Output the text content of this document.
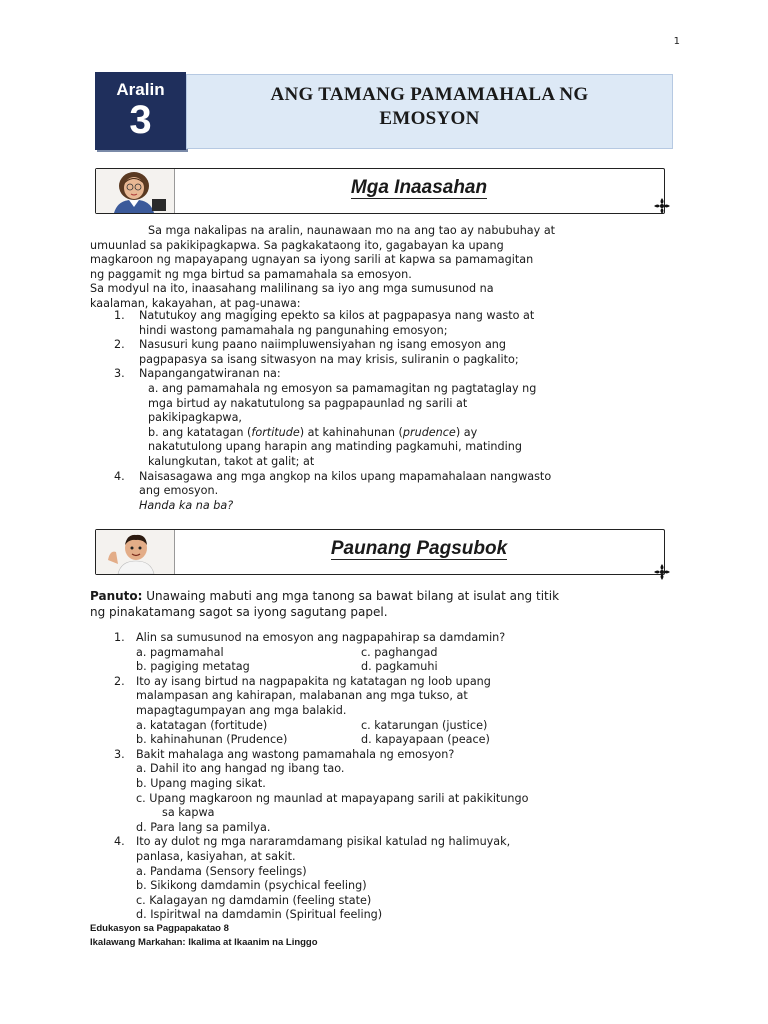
1
Aralin
3
ANG TAMANG PAMAMAHALA NG
EMOSYON
Mga Inaasahan
Sa mga nakalipas na aralin, naunawaan mo na ang tao ay nabubuhay at
umuunlad sa pakikipagkapwa. Sa pagkakataong ito, gagabayan ka upang
magkaroon ng mapayapang ugnayan sa iyong sarili at kapwa sa pamamagitan
ng paggamit ng mga birtud sa pamamahala sa emosyon.
Sa modyul na ito, inaasahang malilinang sa iyo ang mga sumusunod na
kaalaman, kakayahan, at pag-unawa:
1.	Natutukoy ang magiging epekto sa kilos at pagpapasya nang wasto at
hindi wastong pamamahala ng pangunahing emosyon;
2.	Nasusuri kung paano naiimpluwensiyahan ng isang emosyon ang
pagpapasya sa isang sitwasyon na may krisis, suliranin o pagkalito;
3.	Napangangatwiranan na:
a. ang pamamahala ng emosyon sa pamamagitan ng pagtataglay ng
mga birtud ay nakatutulong sa pagpapaunlad ng sarili at
pakikipagkapwa,
b. ang katatagan (fortitude) at kahinahunan (prudence) ay
nakatutulong upang harapin ang matinding pagkamuhi, matinding
kalungkutan, takot at galit; at
4.	Naisasagawa ang mga angkop na kilos upang mapamahalaan nangwasto
ang emosyon.
Handa ka na ba?
Paunang Pagsubok
Panuto: Unawaing mabuti ang mga tanong sa bawat bilang at isulat ang titik
ng pinakatamang sagot sa iyong sagutang papel.
1.	Alin sa sumusunod na emosyon ang nagpapahirap sa damdamin?
a. pagmamahal	c. paghangad
b. pagiging metatag	d. pagkamuhi
2.	Ito ay isang birtud na nagpapakita ng katatagan ng loob upang
malampasan ang kahirapan, malabanan ang mga tukso, at
mapagtagumpayan ang mga balakid.
a. katatagan (fortitude)	c. katarungan (justice)
b. kahinahunan (Prudence)	d. kapayapaan (peace)
3.	Bakit mahalaga ang wastong pamamahala ng emosyon?
a. Dahil ito ang hangad ng ibang tao.
b. Upang maging sikat.
c. Upang magkaroon ng maunlad at mapayapang sarili at pakikitungo
sa kapwa
d. Para lang sa pamilya.
4.	Ito ay dulot ng mga nararamdamang pisikal katulad ng halimuyak,
panlasa, kasiyahan, at sakit.
a. Pandama (Sensory feelings)
b. Sikikong damdamin (psychical feeling)
c. Kalagayan ng damdamin (feeling state)
d. Ispiritwal na damdamin (Spiritual feeling)
Edukasyon sa Pagpapakatao 8
Ikalawang Markahan: Ikalima at Ikaanim na Linggo
